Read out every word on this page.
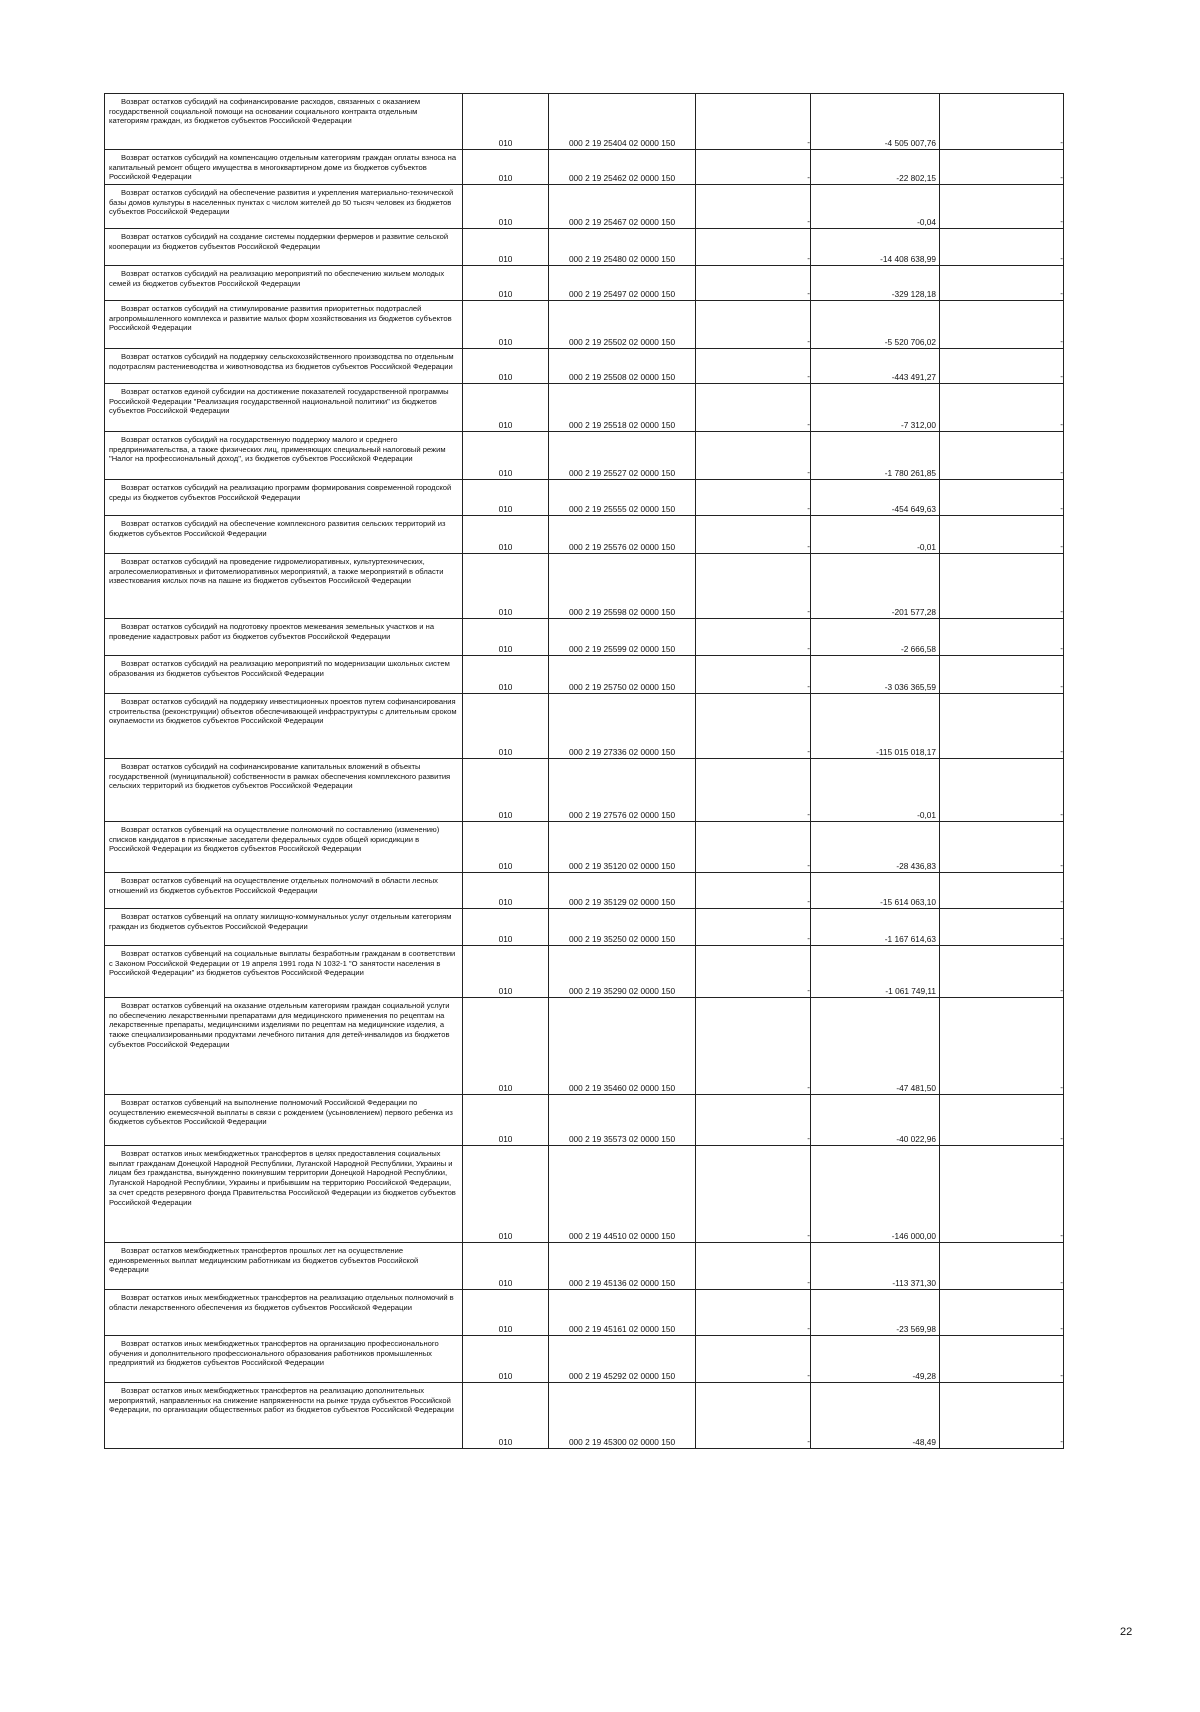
Возврат остатков субсидий на софинансирование расходов, связанных с оказанием государственной социальной помощи на основании социального контракта отдельным категориям граждан, из бюджетов субъектов Российской Федерации	010	000 2 19 25404 02 0000 150	-	-4 505 007,76	-

Возврат остатков субсидий на компенсацию отдельным категориям граждан оплаты взноса на капитальный ремонт общего имущества в многоквартирном доме из бюджетов субъектов Российской Федерации	010	000 2 19 25462 02 0000 150	-	-22 802,15	-

Возврат остатков субсидий на обеспечение развития и укрепления материально-технической базы домов культуры в населенных пунктах с числом жителей до 50 тысяч человек из бюджетов субъектов Российской Федерации	010	000 2 19 25467 02 0000 150	-	-0,04	-

Возврат остатков субсидий на создание системы поддержки фермеров и развитие сельской кооперации из бюджетов субъектов Российской Федерации	010	000 2 19 25480 02 0000 150	-	-14 408 638,99	-

Возврат остатков субсидий на реализацию мероприятий по обеспечению жильем молодых семей из бюджетов субъектов Российской Федерации	010	000 2 19 25497 02 0000 150	-	-329 128,18	-

Возврат остатков субсидий на стимулирование развития приоритетных подотраслей агропромышленного комплекса и развитие малых форм хозяйствования из бюджетов субъектов Российской Федерации	010	000 2 19 25502 02 0000 150	-	-5 520 706,02	-

Возврат остатков субсидий на поддержку сельскохозяйственного производства по отдельным подотраслям растениеводства и животноводства из бюджетов субъектов Российской Федерации	010	000 2 19 25508 02 0000 150	-	-443 491,27	-

Возврат остатков единой субсидии на достижение показателей государственной программы Российской Федерации "Реализация государственной национальной политики" из бюджетов субъектов Российской Федерации	010	000 2 19 25518 02 0000 150	-	-7 312,00	-

Возврат остатков субсидий на государственную поддержку малого и среднего предпринимательства, а также физических лиц, применяющих специальный налоговый режим "Налог на профессиональный доход", из бюджетов субъектов Российской Федерации	010	000 2 19 25527 02 0000 150	-	-1 780 261,85	-

Возврат остатков субсидий на реализацию программ формирования современной городской среды из бюджетов субъектов Российской Федерации	010	000 2 19 25555 02 0000 150	-	-454 649,63	-

Возврат остатков субсидий на обеспечение комплексного развития сельских территорий из бюджетов субъектов Российской Федерации	010	000 2 19 25576 02 0000 150	-	-0,01	-

Возврат остатков субсидий на проведение гидромелиоративных, культуртехнических, агролесомелиоративных и фитомелиоративных мероприятий, а также мероприятий в области известкования кислых почв на пашне из бюджетов субъектов Российской Федерации	010	000 2 19 25598 02 0000 150	-	-201 577,28	-

Возврат остатков субсидий на подготовку проектов межевания земельных участков и на проведение кадастровых работ из бюджетов субъектов Российской Федерации	010	000 2 19 25599 02 0000 150	-	-2 666,58	-

Возврат остатков субсидий на реализацию мероприятий по модернизации школьных систем образования из бюджетов субъектов Российской Федерации	010	000 2 19 25750 02 0000 150	-	-3 036 365,59	-

Возврат остатков субсидий на поддержку инвестиционных проектов путем софинансирования строительства (реконструкции) объектов обеспечивающей инфраструктуры с длительным сроком окупаемости из бюджетов субъектов Российской Федерации	010	000 2 19 27336 02 0000 150	-	-115 015 018,17	-

Возврат остатков субсидий на софинансирование капитальных вложений в объекты государственной (муниципальной) собственности в рамках обеспечения комплексного развития сельских территорий из бюджетов субъектов Российской Федерации	010	000 2 19 27576 02 0000 150	-	-0,01	-

Возврат остатков субвенций на осуществление полномочий по составлению (изменению) списков кандидатов в присяжные заседатели федеральных судов общей юрисдикции в Российской Федерации из бюджетов субъектов Российской Федерации	010	000 2 19 35120 02 0000 150	-	-28 436,83	-

Возврат остатков субвенций на осуществление отдельных полномочий в области лесных отношений из бюджетов субъектов Российской Федерации	010	000 2 19 35129 02 0000 150	-	-15 614 063,10	-

Возврат остатков субвенций на оплату жилищно-коммунальных услуг отдельным категориям граждан из бюджетов субъектов Российской Федерации	010	000 2 19 35250 02 0000 150	-	-1 167 614,63	-

Возврат остатков субвенций на социальные выплаты безработным гражданам в соответствии с Законом Российской Федерации от 19 апреля 1991 года N 1032-1 "О занятости населения в Российской Федерации" из бюджетов субъектов Российской Федерации	010	000 2 19 35290 02 0000 150	-	-1 061 749,11	-

Возврат остатков субвенций на оказание отдельным категориям граждан социальной услуги по обеспечению лекарственными препаратами для медицинского применения по рецептам на лекарственные препараты, медицинскими изделиями по рецептам на медицинские изделия, а также специализированными продуктами лечебного питания для детей-инвалидов из бюджетов субъектов Российской Федерации	010	000 2 19 35460 02 0000 150	-	-47 481,50	-

Возврат остатков субвенций на выполнение полномочий Российской Федерации по осуществлению ежемесячной выплаты в связи с рождением (усыновлением) первого ребенка из бюджетов субъектов Российской Федерации	010	000 2 19 35573 02 0000 150	-	-40 022,96	-

Возврат остатков иных межбюджетных трансфертов в целях предоставления социальных выплат гражданам Донецкой Народной Республики, Луганской Народной Республики, Украины и лицам без гражданства, вынужденно покинувшим территории Донецкой Народной Республики, Луганской Народной Республики, Украины и прибывшим на территорию Российской Федерации, за счет средств резервного фонда Правительства Российской Федерации из бюджетов субъектов Российской Федерации	010	000 2 19 44510 02 0000 150	-	-146 000,00	-

Возврат остатков межбюджетных трансфертов прошлых лет на осуществление единовременных выплат медицинским работникам из бюджетов субъектов Российской Федерации	010	000 2 19 45136 02 0000 150	-	-113 371,30	-

Возврат остатков иных межбюджетных трансфертов на реализацию отдельных полномочий в области лекарственного обеспечения из бюджетов субъектов Российской Федерации	010	000 2 19 45161 02 0000 150	-	-23 569,98	-

Возврат остатков иных межбюджетных трансфертов на организацию профессионального обучения и дополнительного профессионального образования работников промышленных предприятий из бюджетов субъектов Российской Федерации	010	000 2 19 45292 02 0000 150	-	-49,28	-

Возврат остатков иных межбюджетных трансфертов на реализацию дополнительных мероприятий, направленных на снижение напряженности на рынке труда субъектов Российской Федерации, по организации общественных работ из бюджетов субъектов Российской Федерации	010	000 2 19 45300 02 0000 150	-	-48,49	-
22
